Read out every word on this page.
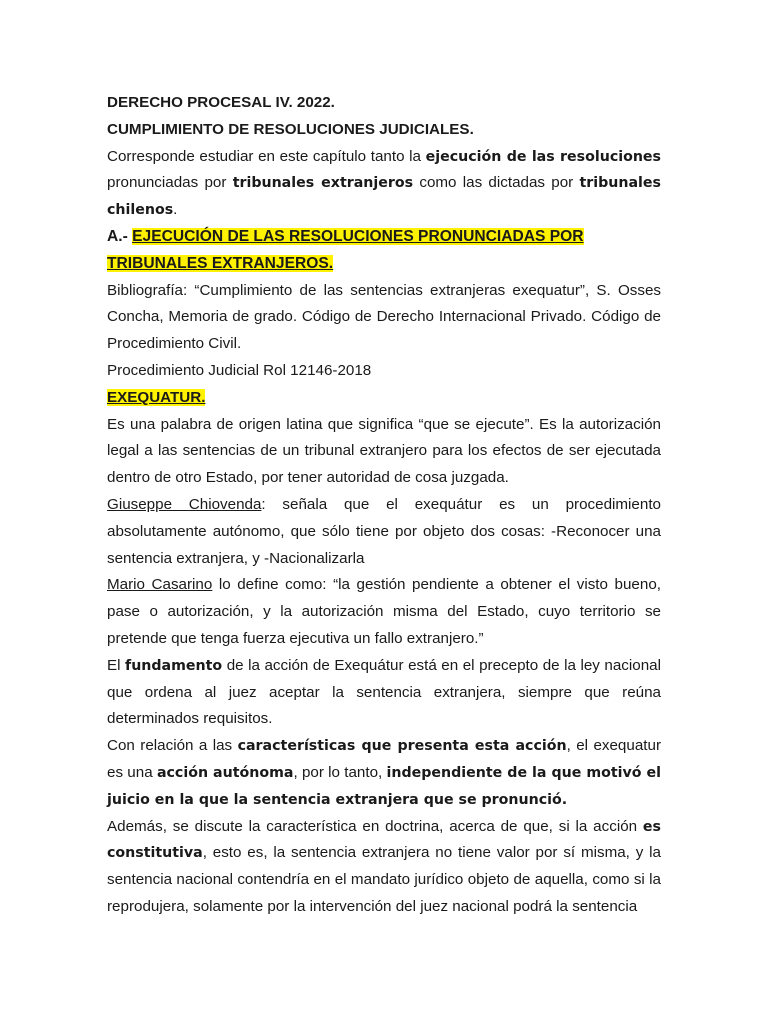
DERECHO PROCESAL IV. 2022.

CUMPLIMIENTO DE RESOLUCIONES JUDICIALES.

Corresponde estudiar en este capítulo tanto la ejecución de las resoluciones pronunciadas por tribunales extranjeros como las dictadas por tribunales chilenos.

A.- EJECUCIÓN DE LAS RESOLUCIONES PRONUNCIADAS POR TRIBUNALES EXTRANJEROS.

Bibliografía: “Cumplimiento de las sentencias extranjeras exequatur”, S. Osses Concha, Memoria de grado. Código de Derecho Internacional Privado. Código de Procedimiento Civil.

Procedimiento Judicial Rol 12146-2018

EXEQUATUR.

Es una palabra de origen latina que significa “que se ejecute”. Es la autorización legal a las sentencias de un tribunal extranjero para los efectos de ser ejecutada dentro de otro Estado, por tener autoridad de cosa juzgada.

Giuseppe Chiovenda: señala que el exequátur es un procedimiento absolutamente autónomo, que sólo tiene por objeto dos cosas: -Reconocer una sentencia extranjera, y -Nacionalizarla

Mario Casarino lo define como: “la gestión pendiente a obtener el visto bueno, pase o autorización, y la autorización misma del Estado, cuyo territorio se pretende que tenga fuerza ejecutiva un fallo extranjero.”

El fundamento de la acción de Exequátur está en el precepto de la ley nacional que ordena al juez aceptar la sentencia extranjera, siempre que reúna determinados requisitos.

Con relación a las características que presenta esta acción, el exequatur es una acción autónoma, por lo tanto, independiente de la que motivó el juicio en la que la sentencia extranjera que se pronunció.

Además, se discute la característica en doctrina, acerca de que, si la acción es constitutiva, esto es, la sentencia extranjera no tiene valor por sí misma, y la sentencia nacional contendría en el mandato jurídico objeto de aquella, como si la reprodujera, solamente por la intervención del juez nacional podrá la sentencia
